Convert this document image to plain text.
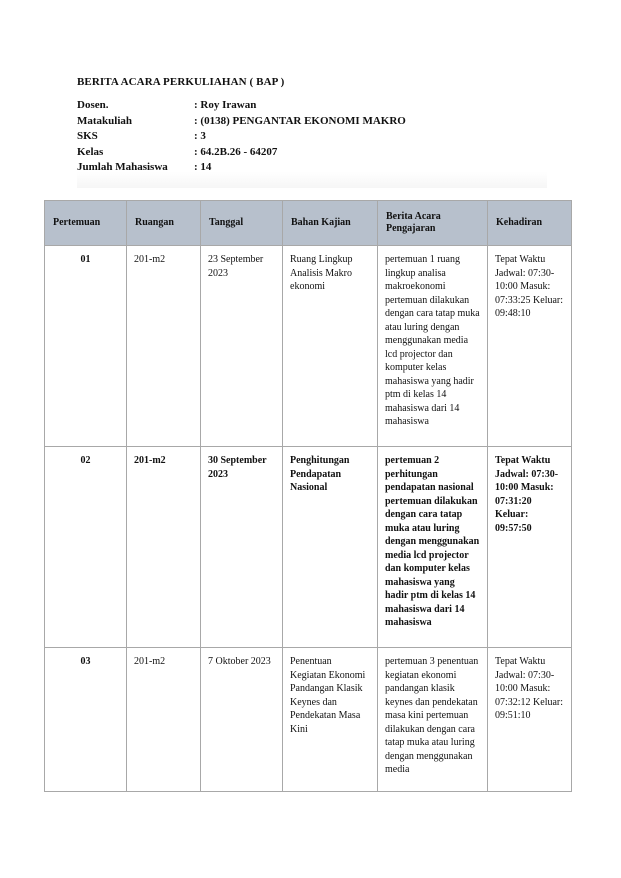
BERITA ACARA PERKULIAHAN ( BAP )
Dosen.	: Roy Irawan
Matakuliah	: (0138) PENGANTAR EKONOMI MAKRO
SKS	: 3
Kelas	: 64.2B.26 - 64207
Jumlah Mahasiswa	: 14
Pertemuan	Ruangan	Tanggal	Bahan Kajian	Berita Acara Pengajaran	Kehadiran
01	201-m2	23 September 2023	Ruang Lingkup Analisis Makro ekonomi	pertemuan 1 ruang lingkup analisa makroekonomi pertemuan dilakukan dengan cara tatap muka atau luring dengan menggunakan media lcd projector dan komputer kelas mahasiswa yang hadir ptm di kelas 14 mahasiswa dari 14 mahasiswa	Tepat Waktu Jadwal: 07:30-10:00 Masuk: 07:33:25 Keluar: 09:48:10
02	201-m2	30 September 2023	Penghitungan Pendapatan Nasional	pertemuan 2 perhitungan pendapatan nasional pertemuan dilakukan dengan cara tatap muka atau luring dengan menggunakan media lcd projector dan komputer kelas mahasiswa yang hadir ptm di kelas 14 mahasiswa dari 14 mahasiswa	Tepat Waktu Jadwal: 07:30-10:00 Masuk: 07:31:20 Keluar: 09:57:50
03	201-m2	7 Oktober 2023	Penentuan Kegiatan Ekonomi Pandangan Klasik Keynes dan Pendekatan Masa Kini	pertemuan 3 penentuan kegiatan ekonomi pandangan klasik keynes dan pendekatan masa kini pertemuan dilakukan dengan cara tatap muka atau luring dengan menggunakan media	Tepat Waktu Jadwal: 07:30-10:00 Masuk: 07:32:12 Keluar: 09:51:10
